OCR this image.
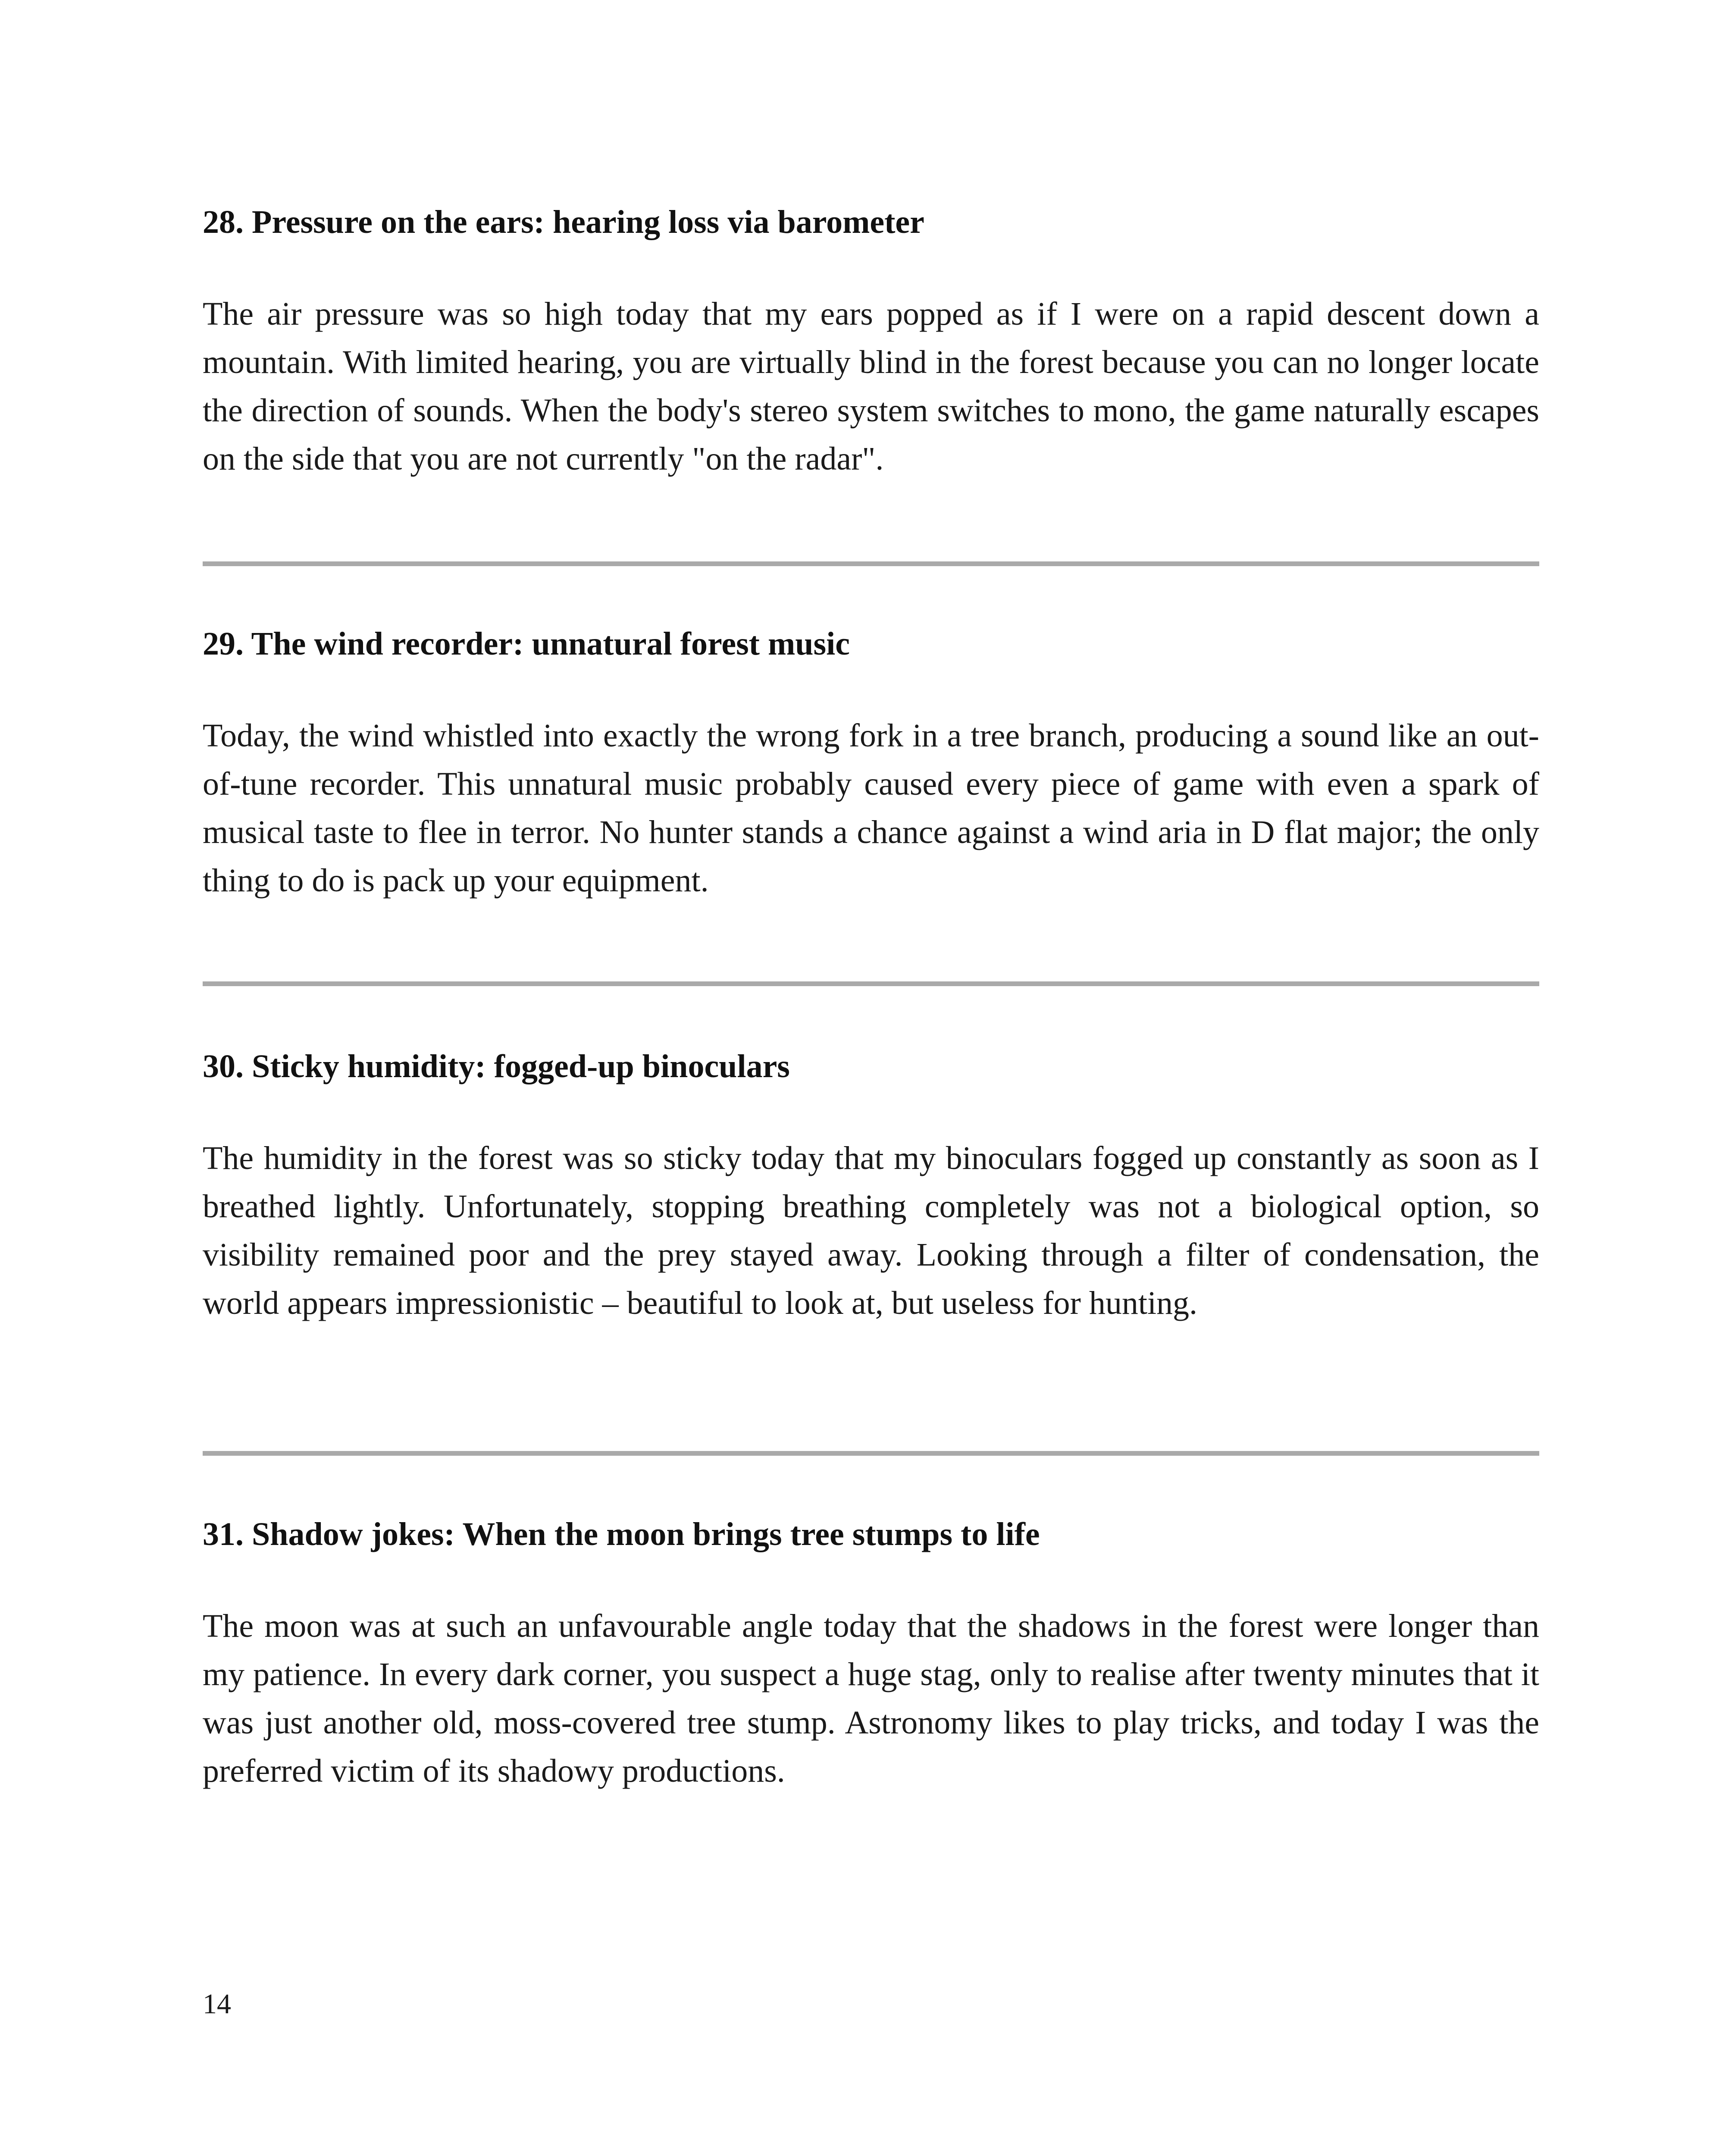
28. Pressure on the ears: hearing loss via barometer

The air pressure was so high today that my ears popped as if I were on a rapid descent down a mountain. With limited hearing, you are virtually blind in the forest because you can no longer locate the direction of sounds. When the body's stereo system switches to mono, the game naturally escapes on the side that you are not currently "on the radar".

29. The wind recorder: unnatural forest music

Today, the wind whistled into exactly the wrong fork in a tree branch, producing a sound like an out-of-tune recorder. This unnatural music probably caused every piece of game with even a spark of musical taste to flee in terror. No hunter stands a chance against a wind aria in D flat major; the only thing to do is pack up your equipment.

30. Sticky humidity: fogged-up binoculars

The humidity in the forest was so sticky today that my binoculars fogged up constantly as soon as I breathed lightly. Unfortunately, stopping breathing completely was not a biological option, so visibility remained poor and the prey stayed away. Looking through a filter of condensation, the world appears impressionistic – beautiful to look at, but useless for hunting.

31. Shadow jokes: When the moon brings tree stumps to life

The moon was at such an unfavourable angle today that the shadows in the forest were longer than my patience. In every dark corner, you suspect a huge stag, only to realise after twenty minutes that it was just another old, moss-covered tree stump. Astronomy likes to play tricks, and today I was the preferred victim of its shadowy productions.

14
